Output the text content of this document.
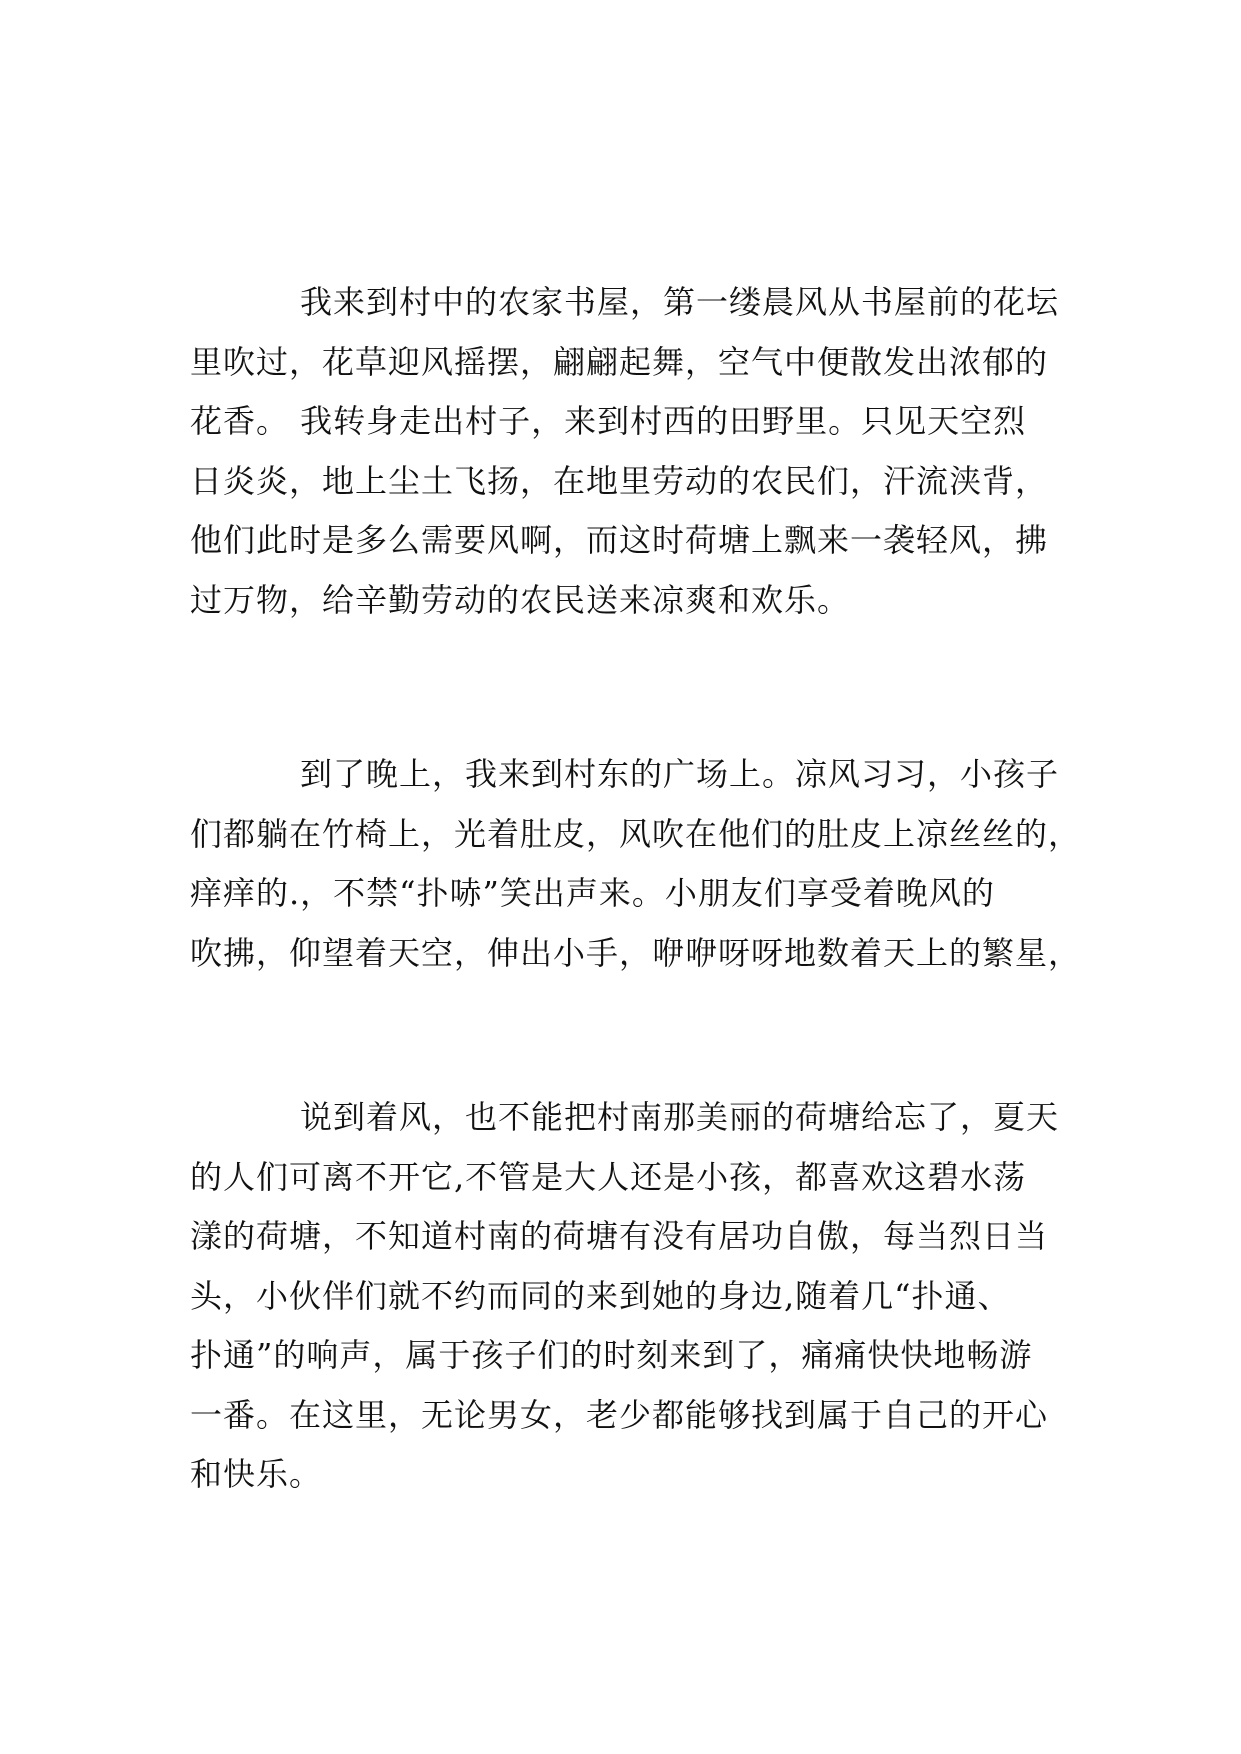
我来到村中的农家书屋，第一缕晨风从书屋前的花坛
里吹过，花草迎风摇摆，翩翩起舞，空气中便散发出浓郁的
花香。 我转身走出村子，来到村西的田野里。只见天空烈
日炎炎，地上尘土飞扬，在地里劳动的农民们，汗流浃背，
他们此时是多么需要风啊，而这时荷塘上飘来一袭轻风，拂
过万物，给辛勤劳动的农民送来凉爽和欢乐。

到了晚上，我来到村东的广场上。凉风习习，小孩子
们都躺在竹椅上，光着肚皮，风吹在他们的肚皮上凉丝丝的，
痒痒的.，不禁“扑哧”笑出声来。小朋友们享受着晚风的
吹拂，仰望着天空，伸出小手，咿咿呀呀地数着天上的繁星，

说到着风，也不能把村南那美丽的荷塘给忘了，夏天
的人们可离不开它,不管是大人还是小孩，都喜欢这碧水荡
漾的荷塘，不知道村南的荷塘有没有居功自傲，每当烈日当
头，小伙伴们就不约而同的来到她的身边,随着几“扑通、
扑通”的响声，属于孩子们的时刻来到了，痛痛快快地畅游
一番。在这里，无论男女，老少都能够找到属于自己的开心
和快乐。
